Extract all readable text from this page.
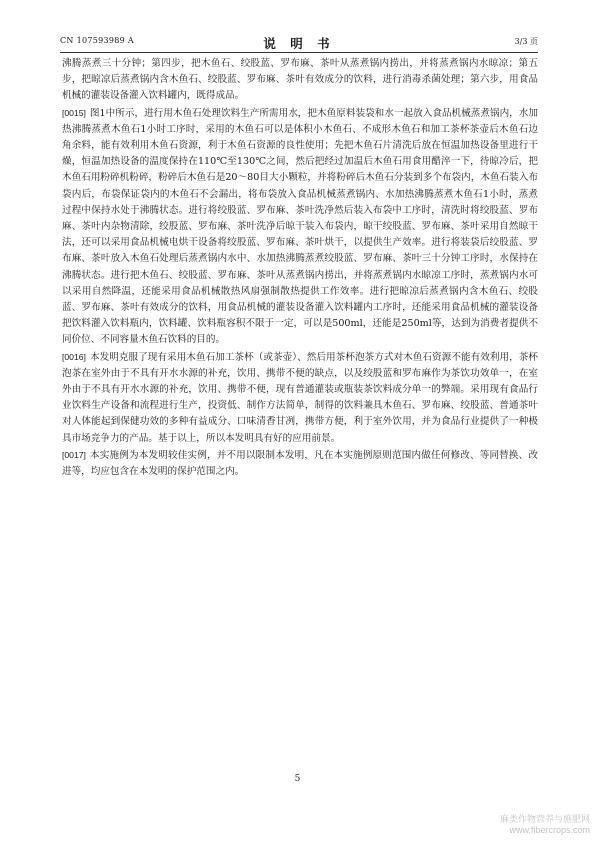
CN 107593989 A	说 明 书	3/3 页

沸腾蒸煮三十分钟；第四步，把木鱼石、绞股蓝、罗布麻、茶叶从蒸煮锅内捞出，并将蒸煮锅内水晾凉；第五步，把晾凉后蒸煮锅内含木鱼石、绞股蓝、罗布麻、茶叶有效成分的饮料，进行消毒杀菌处理；第六步，用食品机械的灌装设备灌入饮料罐内，既得成品。

[0015] 图1中所示，进行用木鱼石处理饮料生产所需用水，把木鱼原料装袋和水一起放入食品机械蒸煮锅内，水加热沸腾蒸煮木鱼石1小时工序时，采用的木鱼石可以是体积小木鱼石、不成形木鱼石和加工茶杯茶壶后木鱼石边角余料，能有效利用木鱼石资源，利于木鱼石资源的良性使用；先把木鱼石片清洗后放在恒温加热设备里进行干燥，恒温加热设备的温度保持在110℃至130℃之间，然后把经过加温后木鱼石用食用醋淬一下，待晾冷后，把木鱼石用粉碎机粉碎，粉碎后木鱼石是20～80目大小颗粒，并将粉碎后木鱼石分装到多个布袋内，木鱼石装入布袋内后，布袋保证袋内的木鱼石不会漏出，将布袋放入食品机械蒸煮锅内、水加热沸腾蒸煮木鱼石1小时，蒸煮过程中保持水处于沸腾状态。进行将绞股蓝、罗布麻、茶叶洗净然后装入布袋中工序时，清洗时将绞股蓝、罗布麻、茶叶内杂物清除，绞股蓝、罗布麻、茶叶洗净后晾干装入布袋内，晾干绞股蓝、罗布麻、茶叶采用自然晾干法，还可以采用食品机械电烘干设备将绞股蓝、罗布麻、茶叶烘干，以提供生产效率。进行将装袋后绞股蓝、罗布麻、茶叶放入木鱼石处理后蒸煮锅内水中、水加热沸腾蒸煮绞股蓝、罗布麻、茶叶三十分钟工序时，水保持在沸腾状态。进行把木鱼石、绞股蓝、罗布麻、茶叶从蒸煮锅内捞出，并将蒸煮锅内水晾凉工序时，蒸煮锅内水可以采用自然降温，还能采用食品机械散热风扇强制散热提供工作效率。进行把晾凉后蒸煮锅内含木鱼石、绞股蓝、罗布麻、茶叶有效成分的饮料，用食品机械的灌装设备灌入饮料罐内工序时，还能采用食品机械的灌装设备把饮料灌入饮料瓶内，饮料罐、饮料瓶容积不限于一定，可以是500ml，还能是250ml等，达到为消费者提供不同价位、不同容量木鱼石饮料的目的。

[0016] 本发明克服了现有采用木鱼石加工茶杯（或茶壶）、然后用茶杯泡茶方式对木鱼石资源不能有效利用，茶杯泡茶在室外由于不具有开水水源的补充，饮用、携带不便的缺点，以及绞股蓝和罗布麻作为茶饮功效单一，在室外由于不具有开水水源的补充，饮用、携带不便，现有普通灌装或瓶装茶饮料成分单一的弊端。采用现有食品行业饮料生产设备和流程进行生产，投资低、制作方法简单，制得的饮料兼具木鱼石、罗布麻、绞股蓝、普通茶叶对人体能起到保健功效的多种有益成分、口味清香甘冽，携带方便，利于室外饮用，并为食品行业提供了一种极具市场竞争力的产品。基于以上，所以本发明具有好的应用前景。

[0017] 本实施例为本发明较佳实例，并不用以限制本发明，凡在本实施例原则范围内做任何修改、等同替换、改进等，均应包含在本发明的保护范围之内。

5
麻类作物营养与施肥网
www.fibercrops.com
